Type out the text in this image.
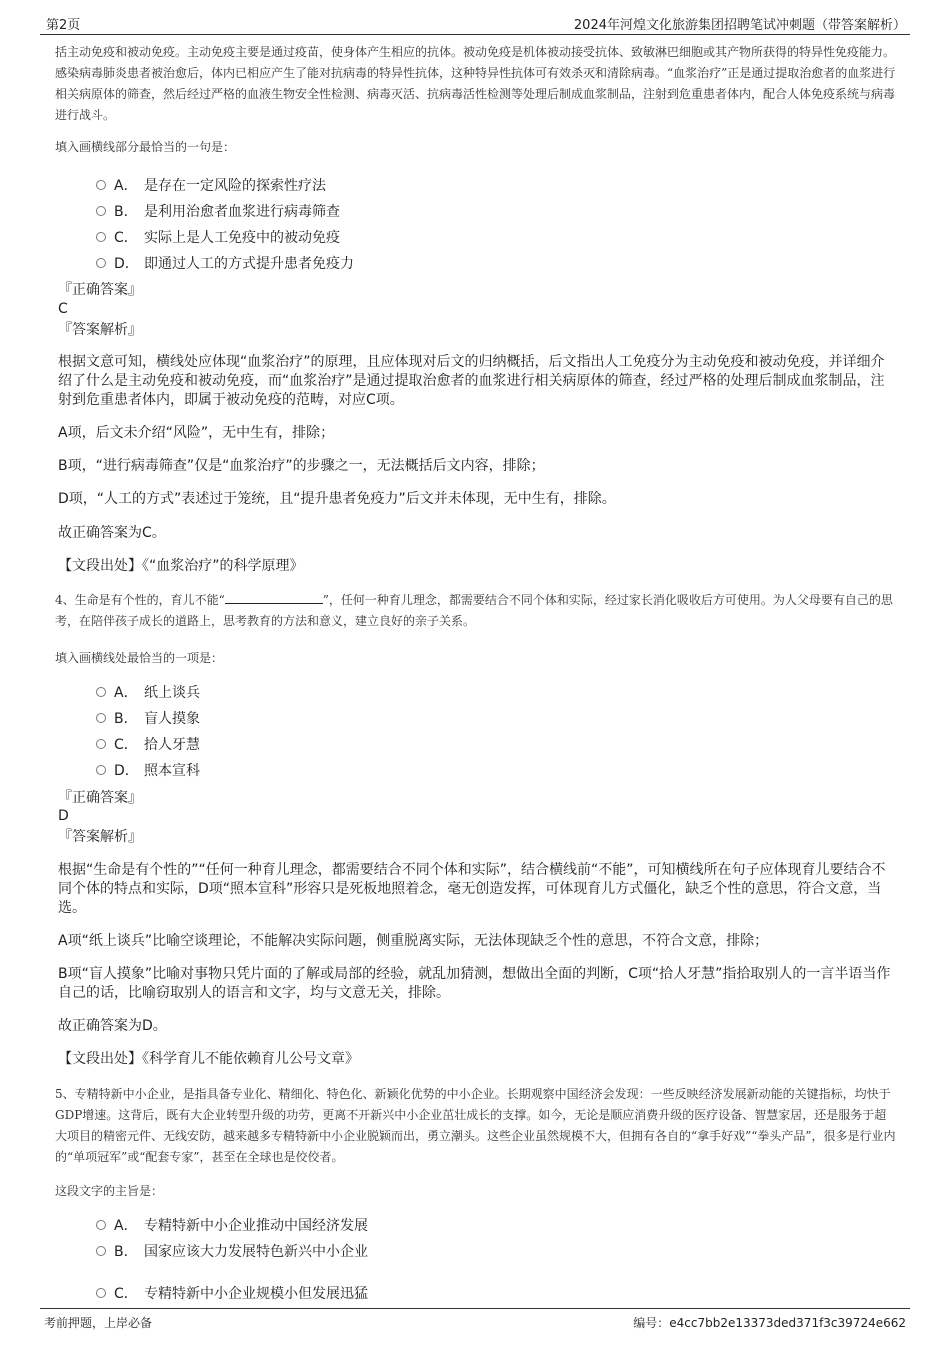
第2页	2024年河煌文化旅游集团招聘笔试冲刺题（带答案解析）

括主动免疫和被动免疫。主动免疫主要是通过疫苗，使身体产生相应的抗体。被动免疫是机体被动接受抗体、致敏淋巴细胞或其产物所获得的特异性免疫能力。感染病毒肺炎患者被治愈后，体内已相应产生了能对抗病毒的特异性抗体，这种特异性抗体可有效杀灭和清除病毒。“血浆治疗”正是通过提取治愈者的血浆进行相关病原体的筛查，然后经过严格的血液生物安全性检测、病毒灭活、抗病毒活性检测等处理后制成血浆制品，注射到危重患者体内，配合人体免疫系统与病毒进行战斗。

填入画横线部分最恰当的一句是：
A． 是存在一定风险的探索性疗法
B． 是利用治愈者血浆进行病毒筛查
C． 实际上是人工免疫中的被动免疫
D． 即通过人工的方式提升患者免疫力
『正确答案』
C
『答案解析』

根据文意可知，横线处应体现“血浆治疗”的原理，且应体现对后文的归纳概括，后文指出人工免疫分为主动免疫和被动免疫，并详细介绍了什么是主动免疫和被动免疫，而“血浆治疗”是通过提取治愈者的血浆进行相关病原体的筛查，经过严格的处理后制成血浆制品，注射到危重患者体内，即属于被动免疫的范畴，对应C项。

A项，后文未介绍“风险”，无中生有，排除；

B项，“进行病毒筛查”仅是“血浆治疗”的步骤之一，无法概括后文内容，排除；

D项，“人工的方式”表述过于笼统，且“提升患者免疫力”后文并未体现，无中生有，排除。

故正确答案为C。

【文段出处】《“血浆治疗”的科学原理》

4、生命是有个性的，育儿不能“	”，任何一种育儿理念，都需要结合不同个体和实际，经过家长消化吸收后方可使用。为人父母要有自己的思考，在陪伴孩子成长的道路上，思考教育的方法和意义，建立良好的亲子关系。

填入画横线处最恰当的一项是：
A． 纸上谈兵
B． 盲人摸象
C． 拾人牙慧
D． 照本宣科
『正确答案』
D
『答案解析』

根据“生命是有个性的”“任何一种育儿理念，都需要结合不同个体和实际”，结合横线前“不能”，可知横线所在句子应体现育儿要结合不同个体的特点和实际，D项“照本宣科”形容只是死板地照着念，毫无创造发挥，可体现育儿方式僵化，缺乏个性的意思，符合文意，当选。

A项“纸上谈兵”比喻空谈理论，不能解决实际问题，侧重脱离实际，无法体现缺乏个性的意思，不符合文意，排除；

B项“盲人摸象”比喻对事物只凭片面的了解或局部的经验，就乱加猜测，想做出全面的判断，C项“拾人牙慧”指拾取别人的一言半语当作自己的话，比喻窃取别人的语言和文字，均与文意无关，排除。

故正确答案为D。

【文段出处】《科学育儿不能依赖育儿公号文章》

5、专精特新中小企业，是指具备专业化、精细化、特色化、新颖化优势的中小企业。长期观察中国经济会发现：一些反映经济发展新动能的关键指标，均快于GDP增速。这背后，既有大企业转型升级的功劳，更离不开新兴中小企业茁壮成长的支撑。如今，无论是顺应消费升级的医疗设备、智慧家居，还是服务于超大项目的精密元件、无线安防，越来越多专精特新中小企业脱颖而出，勇立潮头。这些企业虽然规模不大，但拥有各自的“拿手好戏”“拳头产品”，很多是行业内的“单项冠军”或“配套专家”，甚至在全球也是佼佼者。

这段文字的主旨是：
A． 专精特新中小企业推动中国经济发展
B． 国家应该大力发展特色新兴中小企业
C． 专精特新中小企业规模小但发展迅猛
考前押题，上岸必备	编号：e4cc7bb2e13373ded371f3c39724e662
